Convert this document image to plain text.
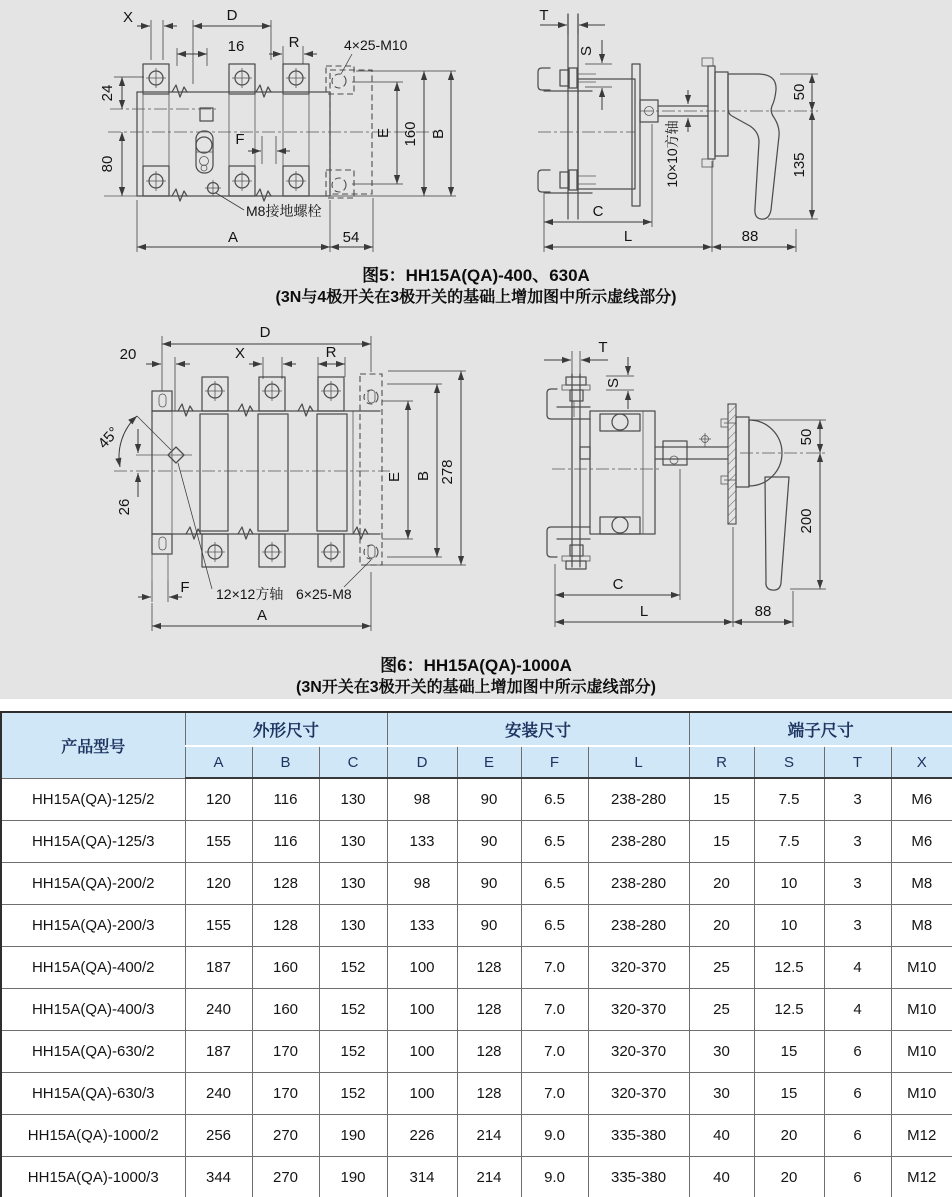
X	D
16	R	4×25-M10
24
80
E 160 B
F
M8接地螺栓
A	54
T
S
50
135
10×10方轴
C
L	88
图5：HH15A(QA)-400、630A
(3N与4极开关在3极开关的基础上增加图中所示虚线部分)
D
20	X	R
45°
26
E B 278
F 12×12方轴 6×25-M8
A
T
S
50
200
C
L	88
图6：HH15A(QA)-1000A
(3N开关在3极开关的基础上增加图中所示虚线部分)
产品型号	外形尺寸			安装尺寸				端子尺寸			
	A	B	C	D	E	F	L	R	S	T	X
HH15A(QA)-125/2	120	116	130	98	90	6.5	238-280	15	7.5	3	M6
HH15A(QA)-125/3	155	116	130	133	90	6.5	238-280	15	7.5	3	M6
HH15A(QA)-200/2	120	128	130	98	90	6.5	238-280	20	10	3	M8
HH15A(QA)-200/3	155	128	130	133	90	6.5	238-280	20	10	3	M8
HH15A(QA)-400/2	187	160	152	100	128	7.0	320-370	25	12.5	4	M10
HH15A(QA)-400/3	240	160	152	100	128	7.0	320-370	25	12.5	4	M10
HH15A(QA)-630/2	187	170	152	100	128	7.0	320-370	30	15	6	M10
HH15A(QA)-630/3	240	170	152	100	128	7.0	320-370	30	15	6	M10
HH15A(QA)-1000/2	256	270	190	226	214	9.0	335-380	40	20	6	M12
HH15A(QA)-1000/3	344	270	190	314	214	9.0	335-380	40	20	6	M12
